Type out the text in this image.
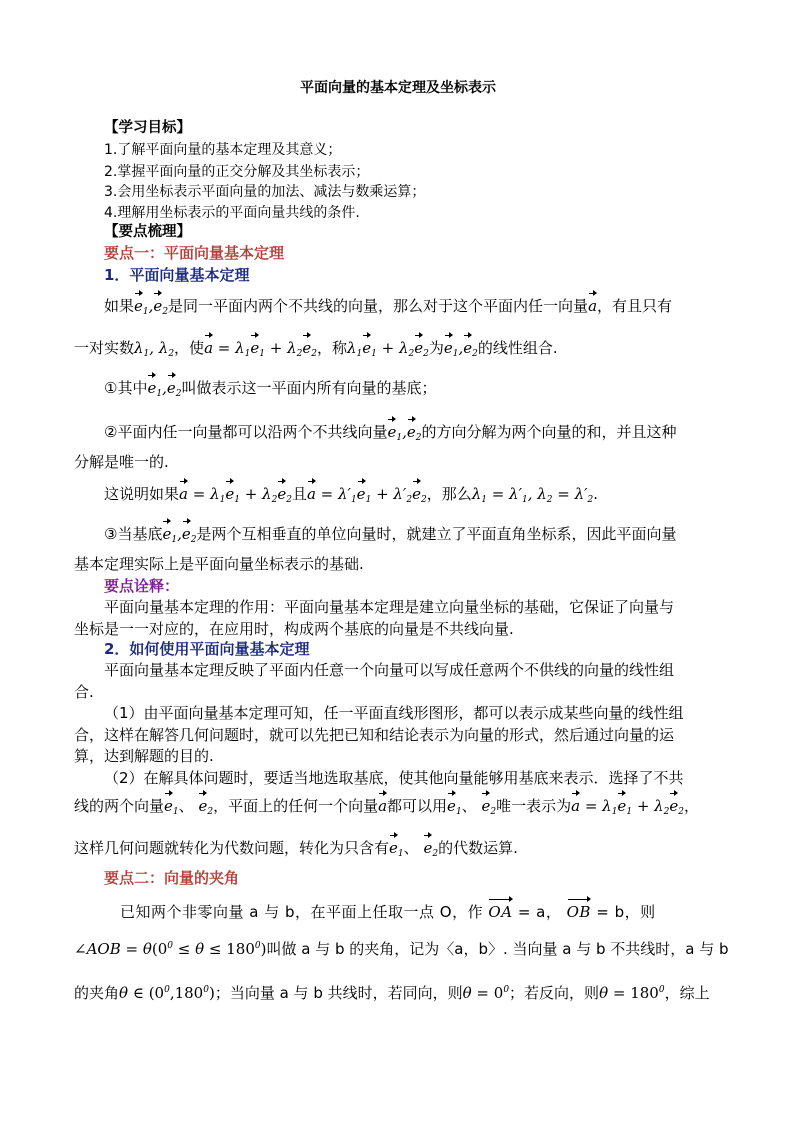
平面向量的基本定理及坐标表示
【学习目标】
1.了解平面向量的基本定理及其意义；
2.掌握平面向量的正交分解及其坐标表示；
3.会用坐标表示平面向量的加法、减法与数乘运算；
4.理解用坐标表示的平面向量共线的条件.
【要点梳理】
要点一：平面向量基本定理
1．平面向量基本定理
如果$e_1,e_2$是同一平面内两个不共线的向量，那么对于这个平面内任一向量a，有且只有
一对实数$\lambda_1$, $\lambda_2$，使$a = \lambda_1e_1 + \lambda_2e_2$，称$\lambda_1e_1 + \lambda_2e_2$为$e_1,e_2$的线性组合.
①其中$e_1,e_2$叫做表示这一平面内所有向量的基底；
②平面内任一向量都可以沿两个不共线向量$e_1,e_2$的方向分解为两个向量的和，并且这种
分解是唯一的.
这说明如果$a = \lambda_1e_1 + \lambda_2e_2$且$a = \lambda'_1e_1 + \lambda'_2e_2$，那么$\lambda_1 = \lambda'_1$, $\lambda_2 = \lambda'_2$.
③当基底$e_1,e_2$是两个互相垂直的单位向量时，就建立了平面直角坐标系，因此平面向量
基本定理实际上是平面向量坐标表示的基础.
要点诠释：
平面向量基本定理的作用：平面向量基本定理是建立向量坐标的基础，它保证了向量与
坐标是一一对应的，在应用时，构成两个基底的向量是不共线向量.
2．如何使用平面向量基本定理
平面向量基本定理反映了平面内任意一个向量可以写成任意两个不供线的向量的线性组
合.
（1）由平面向量基本定理可知，任一平面直线形图形，都可以表示成某些向量的线性组
合，这样在解答几何问题时，就可以先把已知和结论表示为向量的形式，然后通过向量的运
算，达到解题的目的.
（2）在解具体问题时，要适当地选取基底，使其他向量能够用基底来表示．选择了不共
线的两个向量$e_1$、 $e_2$，平面上的任何一个向量a都可以用$e_1$、 $e_2$唯一表示为$a = \lambda_1e_1 + \lambda_2e_2$，
这样几何问题就转化为代数问题，转化为只含有$e_1$、 $e_2$的代数运算.
要点二：向量的夹角
已知两个非零向量 a 与 b，在平面上任取一点 O，作 OA = a， OB = b，则
∠AOB = $\theta(0^0 \le \theta \le 180^0)$叫做 a 与 b 的夹角，记为〈a，b〉. 当向量 a 与 b 不共线时，a 与 b
的夹角θ ∈ $(0^0,180^0)$；当向量 a 与 b 共线时，若同向，则$\theta = 0^0$；若反向，则$\theta = 180^0$，综上
